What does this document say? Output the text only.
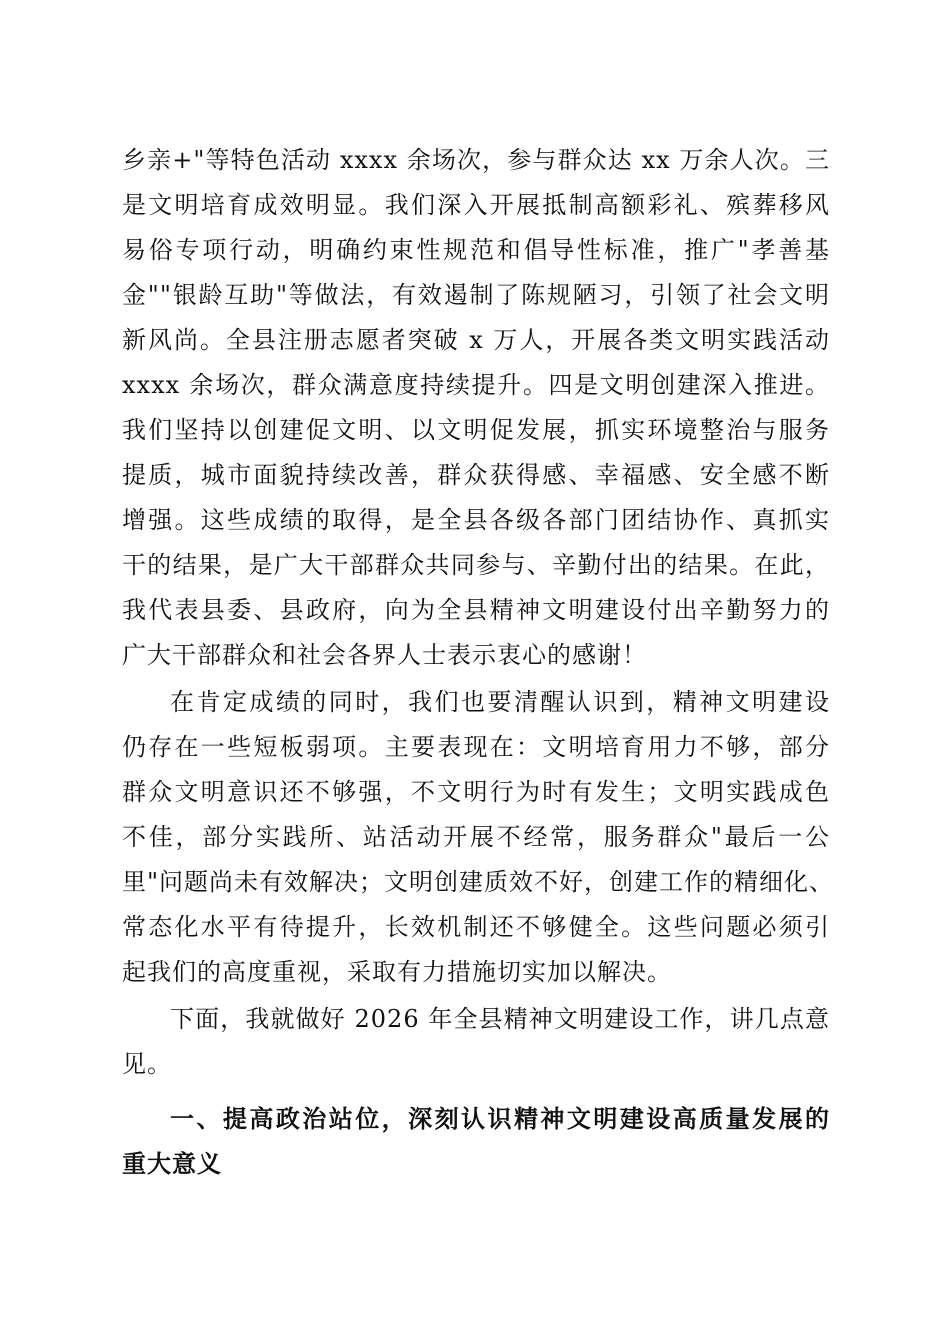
乡亲+"等特色活动 xxxx 余场次，参与群众达 xx 万余人次。三
是文明培育成效明显。我们深入开展抵制高额彩礼、殡葬移风
易俗专项行动，明确约束性规范和倡导性标准，推广"孝善基
金""银龄互助"等做法，有效遏制了陈规陋习，引领了社会文明
新风尚。全县注册志愿者突破 x 万人，开展各类文明实践活动
xxxx 余场次，群众满意度持续提升。四是文明创建深入推进。
我们坚持以创建促文明、以文明促发展，抓实环境整治与服务
提质，城市面貌持续改善，群众获得感、幸福感、安全感不断
增强。这些成绩的取得，是全县各级各部门团结协作、真抓实
干的结果，是广大干部群众共同参与、辛勤付出的结果。在此，
我代表县委、县政府，向为全县精神文明建设付出辛勤努力的
广大干部群众和社会各界人士表示衷心的感谢！
在肯定成绩的同时，我们也要清醒认识到，精神文明建设
仍存在一些短板弱项。主要表现在：文明培育用力不够，部分
群众文明意识还不够强，不文明行为时有发生；文明实践成色
不佳，部分实践所、站活动开展不经常，服务群众"最后一公
里"问题尚未有效解决；文明创建质效不好，创建工作的精细化、
常态化水平有待提升，长效机制还不够健全。这些问题必须引
起我们的高度重视，采取有力措施切实加以解决。
下面，我就做好 2026 年全县精神文明建设工作，讲几点意
见。
一、提高政治站位，深刻认识精神文明建设高质量发展的
重大意义
